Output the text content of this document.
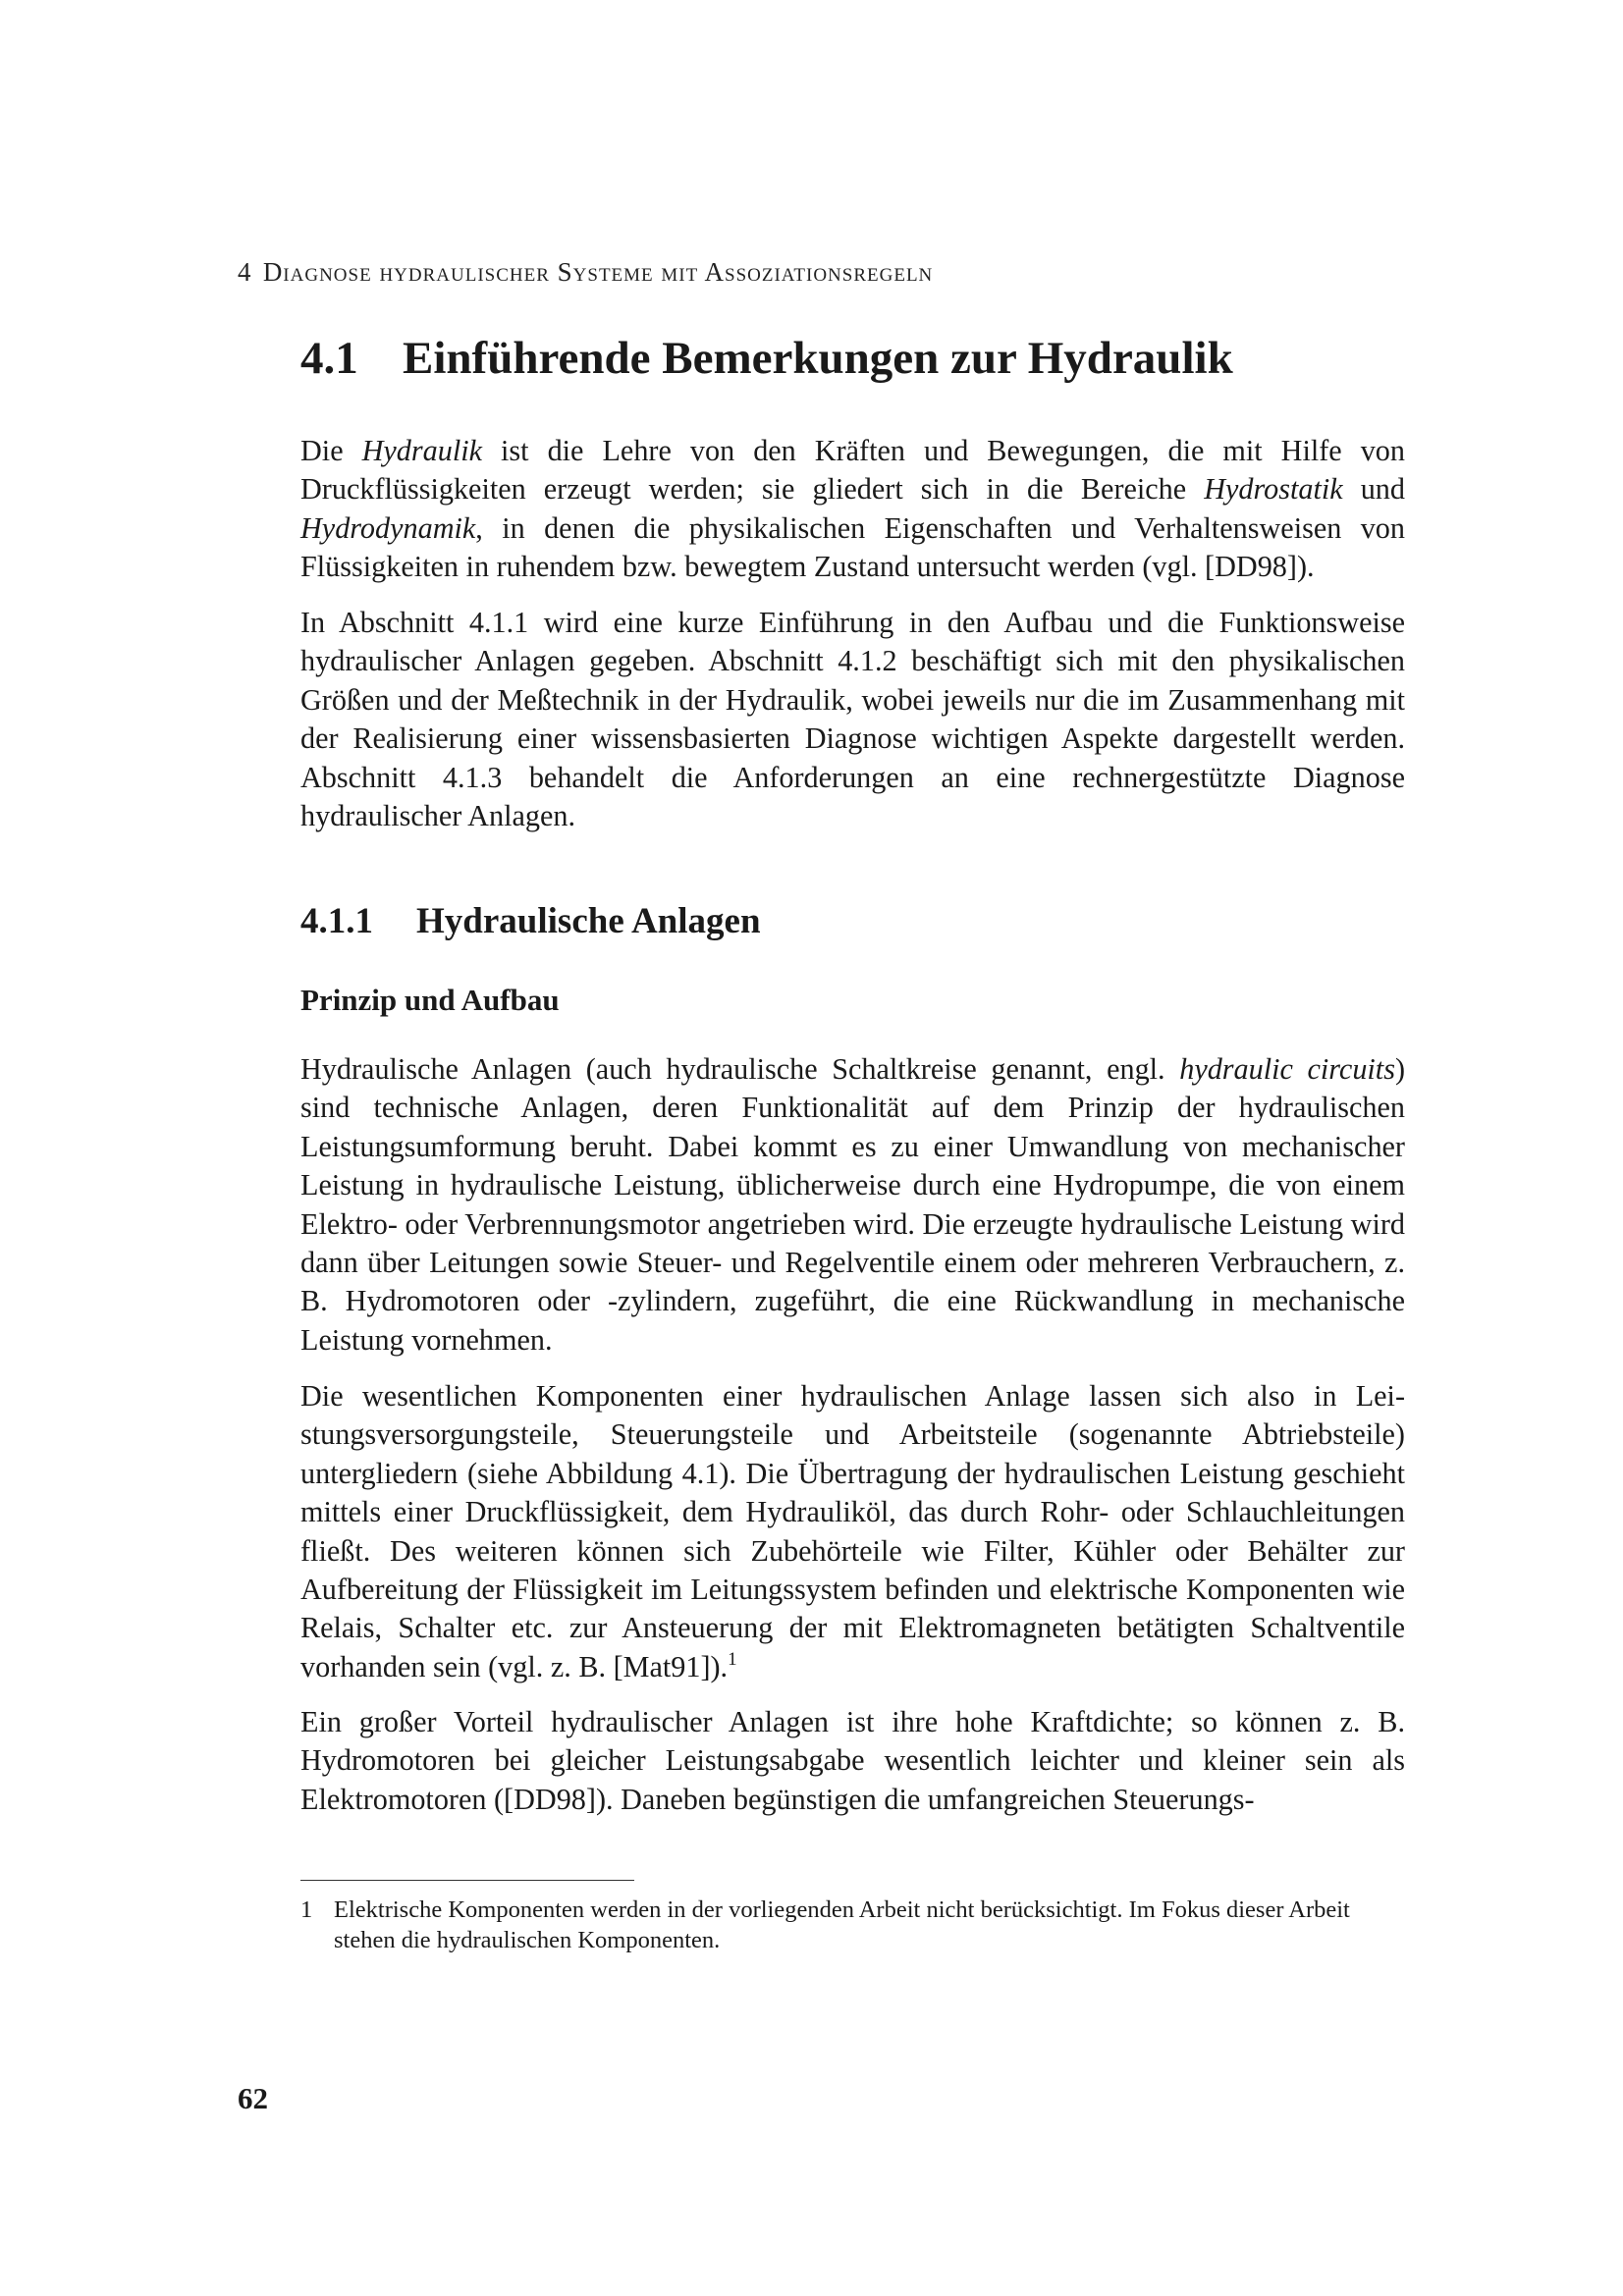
4 Diagnose hydraulischer Systeme mit Assoziationsregeln
4.1 Einführende Bemerkungen zur Hydraulik

Die Hydraulik ist die Lehre von den Kräften und Bewegungen, die mit Hilfe von Druckflüssigkeiten erzeugt werden; sie gliedert sich in die Bereiche Hydrostatik und Hydrodynamik, in denen die physikalischen Eigenschaften und Verhaltensweisen von Flüssigkeiten in ruhendem bzw. bewegtem Zustand untersucht werden (vgl. [DD98]).

In Abschnitt 4.1.1 wird eine kurze Einführung in den Aufbau und die Funktionsweise hydraulischer Anlagen gegeben. Abschnitt 4.1.2 beschäftigt sich mit den physikalischen Größen und der Meßtechnik in der Hydraulik, wobei jeweils nur die im Zusammenhang mit der Realisierung einer wissensbasierten Diagnose wichtigen Aspekte dargestellt werden. Abschnitt 4.1.3 behandelt die Anforderungen an eine rechnergestützte Diagnose hydraulischer Anlagen.

4.1.1 Hydraulische Anlagen
Prinzip und Aufbau

Hydraulische Anlagen (auch hydraulische Schaltkreise genannt, engl. hydraulic circuits) sind technische Anlagen, deren Funktionalität auf dem Prinzip der hydraulischen Leistungsumformung beruht. Dabei kommt es zu einer Umwandlung von mechanischer Leistung in hydraulische Leistung, üblicherweise durch eine Hydropumpe, die von einem Elektro- oder Verbrennungsmotor angetrieben wird. Die erzeugte hydraulische Leistung wird dann über Leitungen sowie Steuer- und Regelventile einem oder mehreren Verbrauchern, z. B. Hydromotoren oder -zylindern, zugeführt, die eine Rückwandlung in mechanische Leistung vornehmen.

Die wesentlichen Komponenten einer hydraulischen Anlage lassen sich also in Leistungsversorgungsteile, Steuerungsteile und Arbeitsteile (sogenannte Abtriebsteile) untergliedern (siehe Abbildung 4.1). Die Übertragung der hydraulischen Leistung geschieht mittels einer Druckflüssigkeit, dem Hydrauliköl, das durch Rohr- oder Schlauchleitungen fließt. Des weiteren können sich Zubehörteile wie Filter, Kühler oder Behälter zur Aufbereitung der Flüssigkeit im Leitungssystem befinden und elektrische Komponenten wie Relais, Schalter etc. zur Ansteuerung der mit Elektromagneten betätigten Schaltventile vorhanden sein (vgl. z. B. [Mat91]).$^1$

Ein großer Vorteil hydraulischer Anlagen ist ihre hohe Kraftdichte; so können z. B. Hydromotoren bei gleicher Leistungsabgabe wesentlich leichter und kleiner sein als Elektromotoren ([DD98]). Daneben begünstigen die umfangreichen Steuerungs-

1 Elektrische Komponenten werden in der vorliegenden Arbeit nicht berücksichtigt. Im Fokus dieser Arbeit stehen die hydraulischen Komponenten.
62
